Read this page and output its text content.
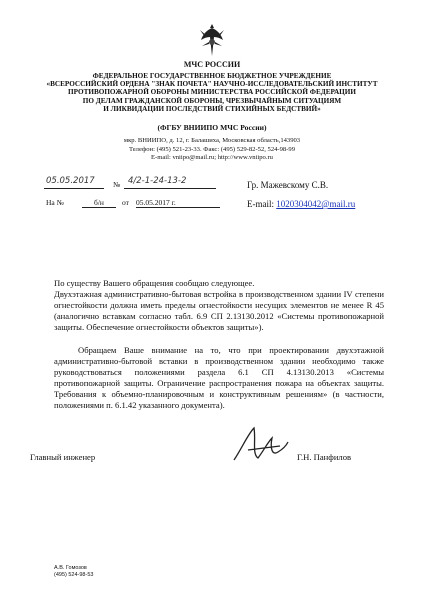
МЧС РОССИИ
ФЕДЕРАЛЬНОЕ ГОСУДАРСТВЕННОЕ БЮДЖЕТНОЕ УЧРЕЖДЕНИЕ
«ВСЕРОССИЙСКИЙ ОРДЕНА "ЗНАК ПОЧЕТА" НАУЧНО-ИССЛЕДОВАТЕЛЬСКИЙ ИНСТИТУТ
ПРОТИВОПОЖАРНОЙ ОБОРОНЫ МИНИСТЕРСТВА РОССИЙСКОЙ ФЕДЕРАЦИИ
ПО ДЕЛАМ ГРАЖДАНСКОЙ ОБОРОНЫ, ЧРЕЗВЫЧАЙНЫМ СИТУАЦИЯМ
И ЛИКВИДАЦИИ ПОСЛЕДСТВИЙ СТИХИЙНЫХ БЕДСТВИЙ»
(ФГБУ ВНИИПО МЧС России)
мкр. ВНИИПО, д. 12, г. Балашиха, Московская область,143903
Телефон: (495) 521-23-33. Факс: (495) 529-82-52, 524-98-99
E-mail: vniipo@mail.ru; http://www.vniipo.ru
05.05.2017 № 4/2-1-24-13-2
На №	б/н	от 05.05.2017 г.
Гр. Мажевскому С.В.
E-mail: 1020304042@mail.ru
По существу Вашего обращения сообщаю следующее.
Двухэтажная административно-бытовая встройка в производственном здании IV степени огнестойкости должна иметь пределы огнестойкости несущих элементов не менее R 45 (аналогично вставкам согласно табл. 6.9 СП 2.13130.2012 «Системы противопожарной защиты. Обеспечение огнестойкости объектов защиты»).
Обращаем Ваше внимание на то, что при проектировании двухэтажной административно-бытовой вставки в производственном здании необходимо также руководствоваться положениями раздела 6.1 СП 4.13130.2013 «Системы противопожарной защиты. Ограничение распространения пожара на объектах защиты. Требования к объемно-планировочным и конструктивным решениям» (в частности, положениями п. 6.1.42 указанного документа).
Главный инженер	Г.Н. Панфилов
А.В. Гомозов
(495) 524-98-53
